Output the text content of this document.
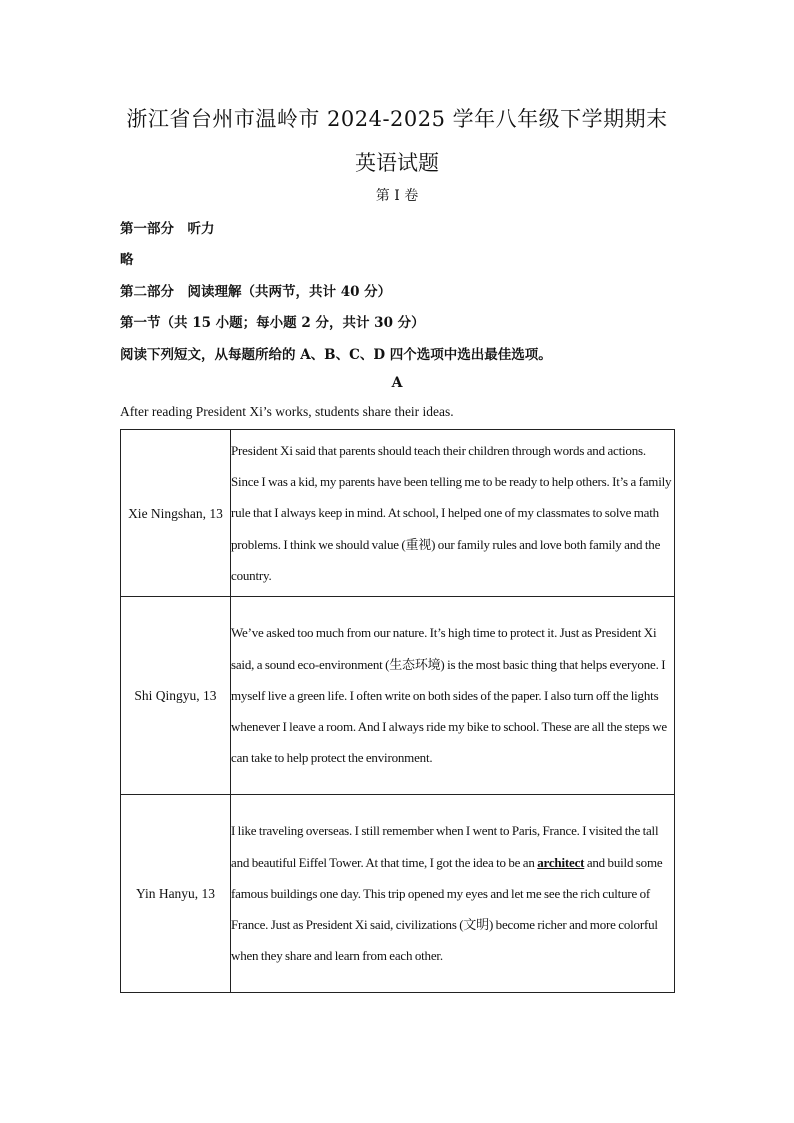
浙江省台州市温岭市 2024-2025 学年八年级下学期期末
英语试题
第 I 卷
第一部分　听力
略
第二部分　阅读理解（共两节，共计 40 分）
第一节（共 15 小题；每小题 2 分，共计 30 分）
阅读下列短文，从每题所给的 A、B、C、D 四个选项中选出最佳选项。
A
After reading President Xi’s works, students share their ideas.
Xie Ningshan, 13	President Xi said that parents should teach their children through words and actions. Since I was a kid, my parents have been telling me to be ready to help others. It’s a family rule that I always keep in mind. At school, I helped one of my classmates to solve math problems. I think we should value (重视) our family rules and love both family and the country.
Shi Qingyu, 13	We’ve asked too much from our nature. It’s high time to protect it. Just as President Xi said, a sound eco-environment (生态环境) is the most basic thing that helps everyone. I myself live a green life. I often write on both sides of the paper. I also turn off the lights whenever I leave a room. And I always ride my bike to school. These are all the steps we can take to help protect the environment.
Yin Hanyu, 13	I like traveling overseas. I still remember when I went to Paris, France. I visited the tall and beautiful Eiffel Tower. At that time, I got the idea to be an architect and build some famous buildings one day. This trip opened my eyes and let me see the rich culture of France. Just as President Xi said, civilizations (文明) become richer and more colorful when they share and learn from each other.
